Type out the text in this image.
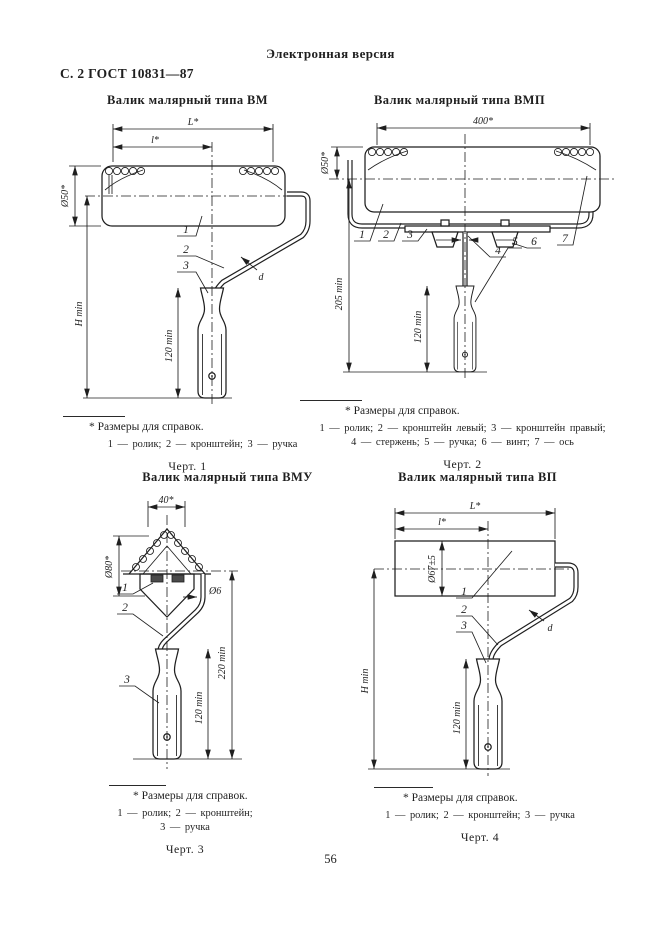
Электронная версия
С. 2 ГОСТ 10831—87
Валик малярный типа ВМ
L*
l*
Ø50*
H min
120 min
1
2
3
d
* Размеры для справок.
1 — ролик; 2 — кронштейн; 3 — ручка
Черт. 1
Валик малярный типа ВМП
400*
Ø50*
205 min
120 min
1 2 3
4
5 6 7
* Размеры для справок.
1 — ролик; 2 — кронштейн левый; 3 — кронштейн правый;
4 — стержень; 5 — ручка; 6 — винт; 7 — ось
Черт. 2
Валик малярный типа ВМУ
40*
Ø80*
Ø6
120 min
220 min
1
2
3
* Размеры для справок.
1 — ролик; 2 — кронштейн;
3 — ручка
Черт. 3
Валик малярный типа ВП
L*
l*
Ø67±5
H min
120 min
1
2
3	d
* Размеры для справок.
1 — ролик; 2 — кронштейн; 3 — ручка
Черт. 4
56
